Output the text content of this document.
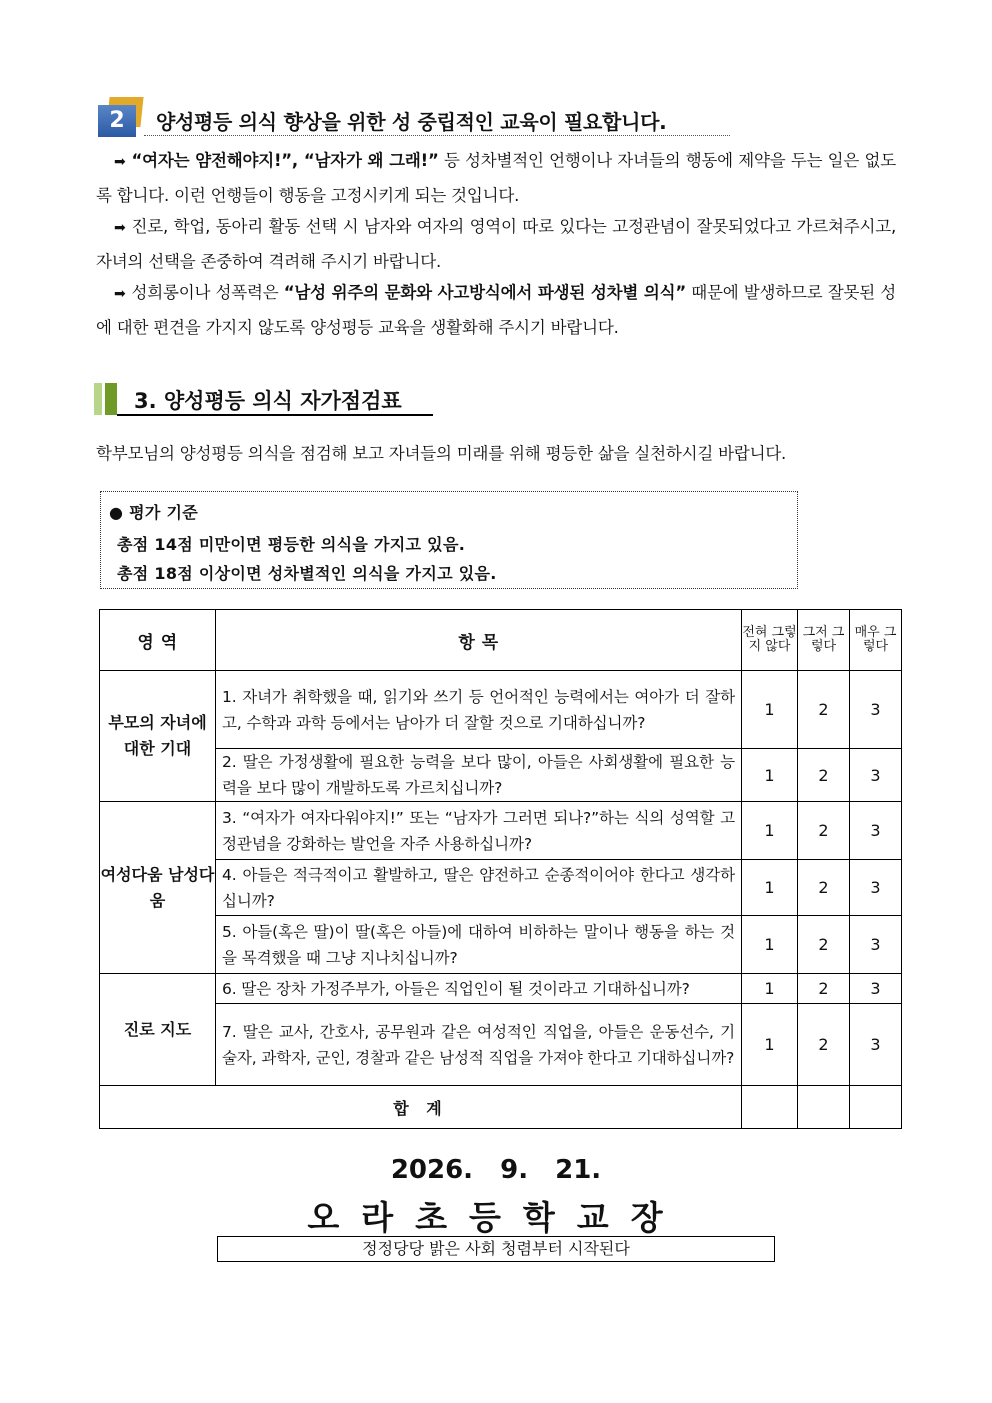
2	양성평등 의식 향상을 위한 성 중립적인 교육이 필요합니다.
➡ “여자는 얌전해야지!”, “남자가 왜 그래!” 등 성차별적인 언행이나 자녀들의 행동에 제약을 두는 일은 없도록 합니다. 이런 언행들이 행동을 고정시키게 되는 것입니다.
➡ 진로, 학업, 동아리 활동 선택 시 남자와 여자의 영역이 따로 있다는 고정관념이 잘못되었다고 가르쳐주시고, 자녀의 선택을 존중하여 격려해 주시기 바랍니다.
➡ 성희롱이나 성폭력은 “남성 위주의 문화와 사고방식에서 파생된 성차별 의식” 때문에 발생하므로 잘못된 성에 대한 편견을 가지지 않도록 양성평등 교육을 생활화해 주시기 바랍니다.
3. 양성평등 의식 자가점검표
학부모님의 양성평등 의식을 점검해 보고 자녀들의 미래를 위해 평등한 삶을 실천하시길 바랍니다.
● 평가 기준
총점 14점 미만이면 평등한 의식을 가지고 있음.
총점 18점 이상이면 성차별적인 의식을 가지고 있음.
영 역	항 목	전혀 그렇지 않다	그저 그렇다	매우 그렇다
부모의 자녀에 대한 기대	1. 자녀가 취학했을 때, 읽기와 쓰기 등 언어적인 능력에서는 여아가 더 잘하고, 수학과 과학 등에서는 남아가 더 잘할 것으로 기대하십니까?	1	2	3
	2. 딸은 가정생활에 필요한 능력을 보다 많이, 아들은 사회생활에 필요한 능력을 보다 많이 개발하도록 가르치십니까?	1	2	3
여성다움 남성다움	3. “여자가 여자다워야지!” 또는 “남자가 그러면 되나?”하는 식의 성역할 고정관념을 강화하는 발언을 자주 사용하십니까?	1	2	3
	4. 아들은 적극적이고 활발하고, 딸은 얌전하고 순종적이어야 한다고 생각하십니까?	1	2	3
	5. 아들(혹은 딸)이 딸(혹은 아들)에 대하여 비하하는 말이나 행동을 하는 것을 목격했을 때 그냥 지나치십니까?	1	2	3
진로 지도	6. 딸은 장차 가정주부가, 아들은 직업인이 될 것이라고 기대하십니까?	1	2	3
	7. 딸은 교사, 간호사, 공무원과 같은 여성적인 직업을, 아들은 운동선수, 기술자, 과학자, 군인, 경찰과 같은 남성적 직업을 가져야 한다고 기대하십니까?	1	2	3
합 계				
2026. 9. 21.
오라초등학교장
정정당당 밝은 사회 청렴부터 시작된다
